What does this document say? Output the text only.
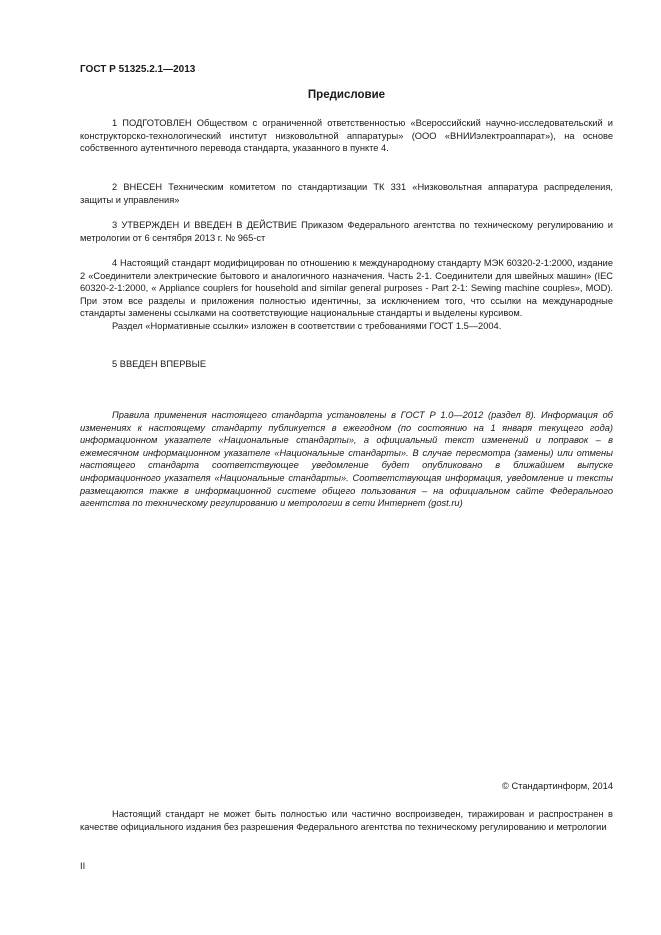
ГОСТ Р 51325.2.1—2013
Предисловие

1 ПОДГОТОВЛЕН Обществом с ограниченной ответственностью «Всероссийский научно-исследовательский и конструкторско-технологический институт низковольтной аппаратуры» (ООО «ВНИИэлектроаппарат»), на основе собственного аутентичного перевода стандарта, указанного в пункте 4.

2 ВНЕСЕН Техническим комитетом по стандартизации ТК 331 «Низковольтная аппаратура распределения, защиты и управления»

3 УТВЕРЖДЕН И ВВЕДЕН В ДЕЙСТВИЕ Приказом Федерального агентства по техническому регулированию и метрологии от 6 сентября 2013 г. № 965-ст

4 Настоящий стандарт модифицирован по отношению к международному стандарту МЭК 60320-2-1:2000, издание 2 «Соединители электрические бытового и аналогичного назначения. Часть 2-1. Соединители для швейных машин» (IEC 60320-2-1:2000, « Appliance couplers for household and similar general purposes - Part 2-1: Sewing machine couples», MOD). При этом все разделы и приложения полностью идентичны, за исключением того, что ссылки на международные стандарты заменены ссылками на соответствующие национальные стандарты и выделены курсивом.

Раздел «Нормативные ссылки» изложен в соответствии с требованиями ГОСТ 1.5—2004.

5 ВВЕДЕН ВПЕРВЫЕ

Правила применения настоящего стандарта установлены в ГОСТ Р 1.0—2012 (раздел 8). Информация об изменениях к настоящему стандарту публикуется в ежегодном (по состоянию на 1 января текущего года) информационном указателе «Национальные стандарты», а официальный текст изменений и поправок – в ежемесячном информационном указателе «Национальные стандарты». В случае пересмотра (замены) или отмены настоящего стандарта соответствующее уведомление будет опубликовано в ближайшем выпуске информационного указателя «Национальные стандарты». Соответствующая информация, уведомление и тексты размещаются также в информационной системе общего пользования – на официальном сайте Федерального агентства по техническому регулированию и метрологии в сети Интернет (gost.ru)

© Стандартинформ, 2014

Настоящий стандарт не может быть полностью или частично воспроизведен, тиражирован и распространен в качестве официального издания без разрешения Федерального агентства по техническому регулированию и метрологии

II
